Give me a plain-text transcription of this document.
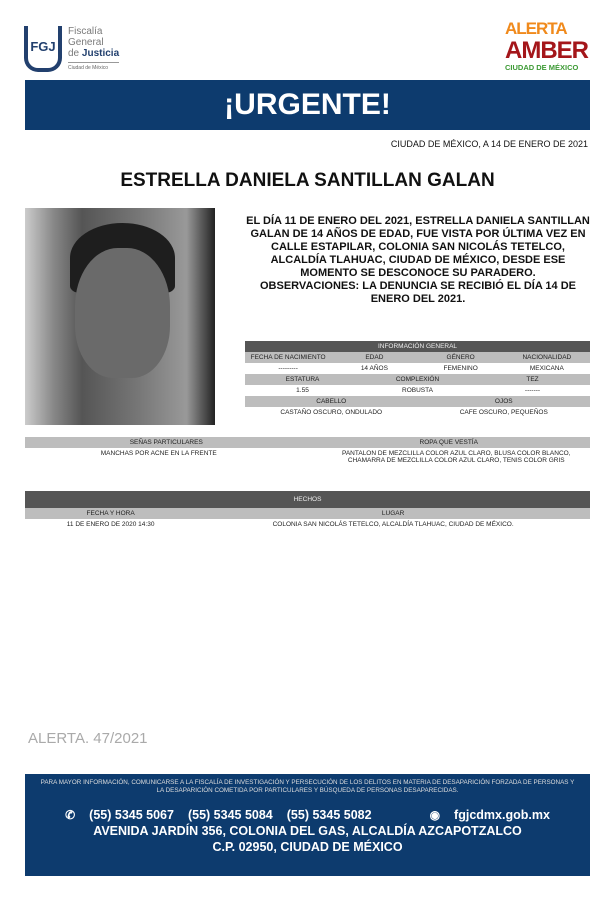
FGJ
Fiscalía
General
de Justicia
Ciudad de México
ALERTA
AMBER
CIUDAD DE MÉXICO
¡URGENTE!
CIUDAD DE MÉXICO, A 14 DE ENERO DE 2021
ESTRELLA DANIELA SANTILLAN GALAN
EL DÍA 11 DE ENERO DEL 2021, ESTRELLA DANIELA SANTILLAN GALAN DE 14 AÑOS DE EDAD, FUE VISTA POR ÚLTIMA VEZ EN CALLE ESTAPILAR, COLONIA SAN NICOLÁS TETELCO, ALCALDÍA TLAHUAC, CIUDAD DE MÉXICO, DESDE ESE MOMENTO SE DESCONOCE SU PARADERO.
OBSERVACIONES: LA DENUNCIA SE RECIBIÓ EL DÍA 14 DE ENERO DEL 2021.
INFORMACIÓN GENERAL
FECHA DE NACIMIENTO	EDAD	GÉNERO	NACIONALIDAD
---------	14 AÑOS	FEMENINO	MEXICANA
ESTATURA	COMPLEXIÓN	TEZ
1.55	ROBUSTA	-------
CABELLO	OJOS
CASTAÑO OSCURO, ONDULADO	CAFE OSCURO, PEQUEÑOS
SEÑAS PARTICULARES	ROPA QUE VESTÍA
MANCHAS POR ACNE EN LA FRENTE	PANTALON DE MEZCLILLA COLOR AZUL CLARO, BLUSA COLOR BLANCO, CHAMARRA DE MEZCLILLA COLOR AZUL CLARO, TENIS COLOR GRIS
HECHOS
FECHA Y HORA	LUGAR
11 DE ENERO DE 2020 14:30	COLONIA SAN NICOLÁS TETELCO, ALCALDÍA TLAHUAC, CIUDAD DE MÉXICO.
ALERTA. 47/2021
PARA MAYOR INFORMACIÓN, COMUNICARSE A LA FISCALÍA DE INVESTIGACIÓN Y PERSECUCIÓN DE LOS DELITOS EN MATERIA DE DESAPARICIÓN FORZADA DE PERSONAS Y LA DESAPARICIÓN COMETIDA POR PARTICULARES Y BÚSQUEDA DE PERSONAS DESAPARECIDAS.
✆ (55) 5345 5067 (55) 5345 5084 (55) 5345 5082	◉ fgjcdmx.gob.mx
AVENIDA JARDÍN 356, COLONIA DEL GAS, ALCALDÍA AZCAPOTZALCO
C.P. 02950, CIUDAD DE MÉXICO
